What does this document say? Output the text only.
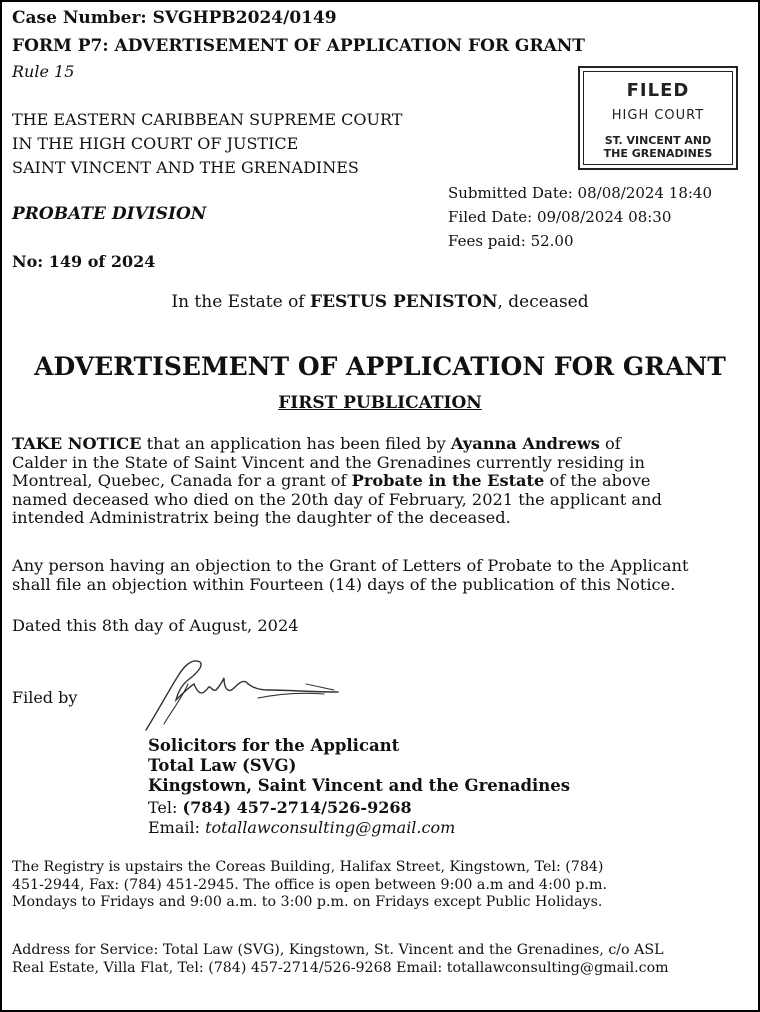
Case Number: SVGHPB2024/0149
FORM P7: ADVERTISEMENT OF APPLICATION FOR GRANT
Rule 15
THE EASTERN CARIBBEAN SUPREME COURT
IN THE HIGH COURT OF JUSTICE
SAINT VINCENT AND THE GRENADINES
FILED
HIGH COURT
ST. VINCENT AND
THE GRENADINES
Submitted Date: 08/08/2024 18:40
Filed Date: 09/08/2024 08:30
Fees paid: 52.00
PROBATE DIVISION
No: 149 of 2024
In the Estate of FESTUS PENISTON, deceased
ADVERTISEMENT OF APPLICATION FOR GRANT
FIRST PUBLICATION
TAKE NOTICE that an application has been filed by Ayanna Andrews of
Calder in the State of Saint Vincent and the Grenadines currently residing in
Montreal, Quebec, Canada for a grant of Probate in the Estate of the above
named deceased who died on the 20th day of February, 2021 the applicant and
intended Administratrix being the daughter of the deceased.
Any person having an objection to the Grant of Letters of Probate to the Applicant
shall file an objection within Fourteen (14) days of the publication of this Notice.
Dated this 8th day of August, 2024
Filed by
Solicitors for the Applicant
Total Law (SVG)
Kingstown, Saint Vincent and the Grenadines
Tel: (784) 457-2714/526-9268
Email: totallawconsulting@gmail.com
The Registry is upstairs the Coreas Building, Halifax Street, Kingstown, Tel: (784)
451-2944, Fax: (784) 451-2945. The office is open between 9:00 a.m and 4:00 p.m.
Mondays to Fridays and 9:00 a.m. to 3:00 p.m. on Fridays except Public Holidays.
Address for Service: Total Law (SVG), Kingstown, St. Vincent and the Grenadines, c/o ASL
Real Estate, Villa Flat, Tel: (784) 457-2714/526-9268 Email: totallawconsulting@gmail.com
